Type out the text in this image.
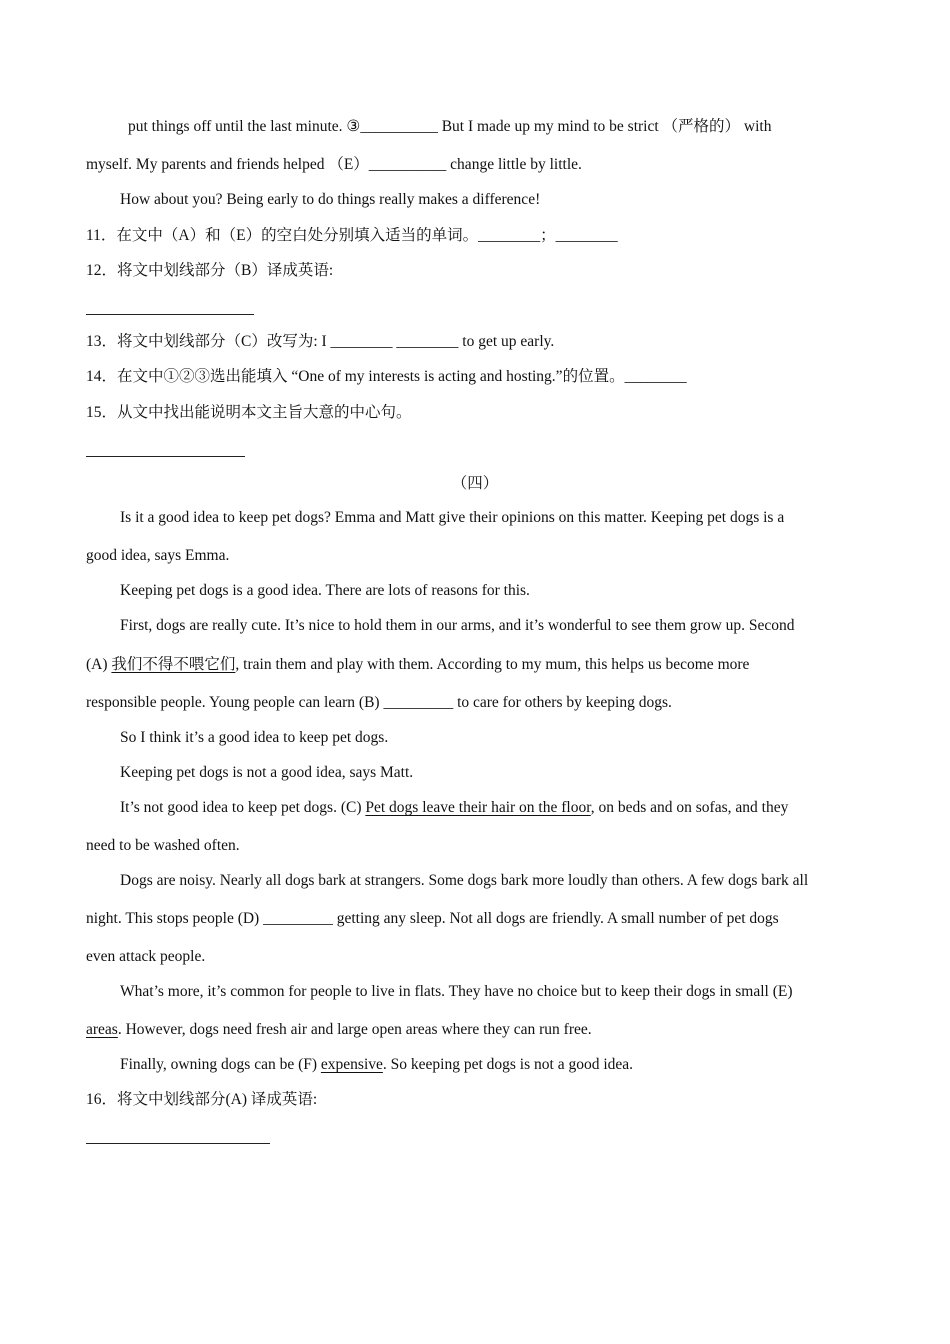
put things off until the last minute. ③__________ But I made up my mind to be strict （严格的） with
myself. My parents and friends helped （E）__________ change little by little.
How about you? Being early to do things really makes a difference!
11．在文中（A）和（E）的空白处分别填入适当的单词。________；________
12．将文中划线部分（B）译成英语:
13．将文中划线部分（C）改写为: I ________ ________ to get up early.
14．在文中①②③选出能填入 “One of my interests is acting and hosting.”的位置。________
15．从文中找出能说明本文主旨大意的中心句。
（四）
Is it a good idea to keep pet dogs? Emma and Matt give their opinions on this matter. Keeping pet dogs is a
good idea, says Emma.
Keeping pet dogs is a good idea. There are lots of reasons for this.
First, dogs are really cute. It’s nice to hold them in our arms, and it’s wonderful to see them grow up. Second
(A) 我们不得不喂它们, train them and play with them. According to my mum, this helps us become more
responsible people. Young people can learn (B) _________ to care for others by keeping dogs.
So I think it’s a good idea to keep pet dogs.
Keeping pet dogs is not a good idea, says Matt.
It’s not good idea to keep pet dogs. (C) Pet dogs leave their hair on the floor, on beds and on sofas, and they
need to be washed often.
Dogs are noisy. Nearly all dogs bark at strangers. Some dogs bark more loudly than others. A few dogs bark all
night. This stops people (D) _________ getting any sleep. Not all dogs are friendly. A small number of pet dogs
even attack people.
What’s more, it’s common for people to live in flats. They have no choice but to keep their dogs in small (E)
areas. However, dogs need fresh air and large open areas where they can run free.
Finally, owning dogs can be (F) expensive. So keeping pet dogs is not a good idea.
16．将文中划线部分(A) 译成英语:
